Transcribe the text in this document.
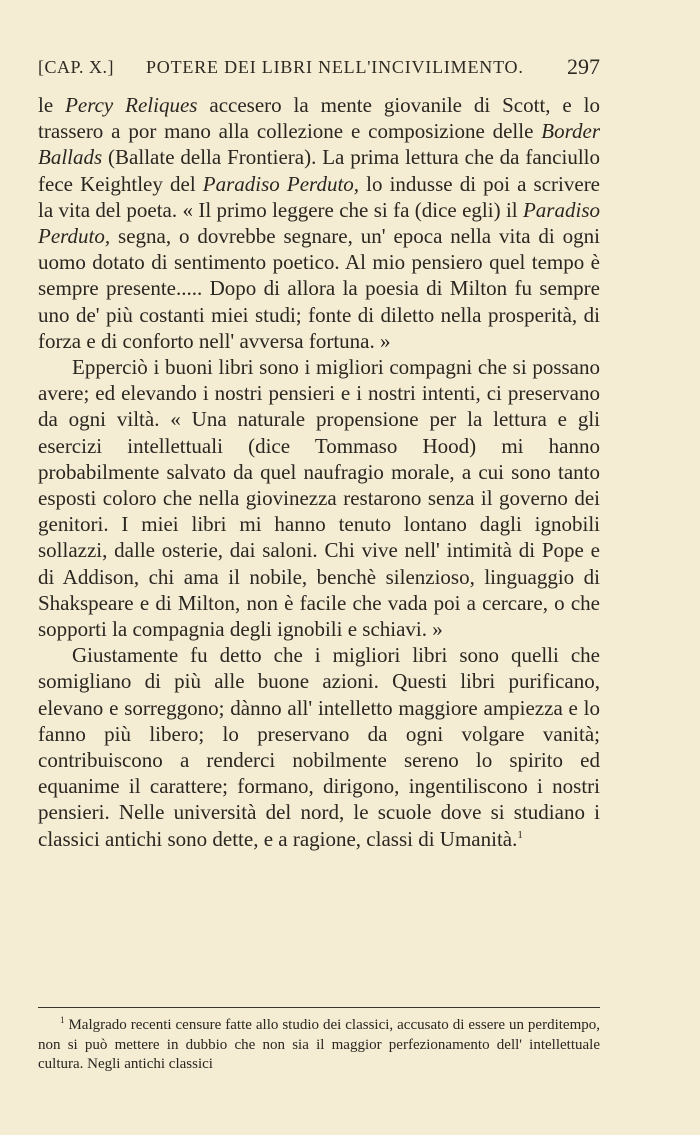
[CAP. X.] POTERE DEI LIBRI NELL'INCIVILIMENTO. 297

le Percy Reliques accesero la mente giovanile di Scott, e lo trassero a por mano alla collezione e composizione delle Border Ballads (Ballate della Frontiera). La prima lettura che da fanciullo fece Keightley del Paradiso Perduto, lo indusse di poi a scrivere la vita del poeta. « Il primo leggere che si fa (dice egli) il Paradiso Perduto, segna, o dovrebbe segnare, un' epoca nella vita di ogni uomo dotato di sentimento poetico. Al mio pensiero quel tempo è sempre presente..... Dopo di allora la poesia di Milton fu sempre uno de' più costanti miei studi; fonte di diletto nella prosperità, di forza e di conforto nell' avversa fortuna. »

Epperciò i buoni libri sono i migliori compagni che si possano avere; ed elevando i nostri pensieri e i nostri intenti, ci preservano da ogni viltà. « Una naturale propensione per la lettura e gli esercizi intellettuali (dice Tommaso Hood) mi hanno probabilmente salvato da quel naufragio morale, a cui sono tanto esposti coloro che nella giovinezza restarono senza il governo dei genitori. I miei libri mi hanno tenuto lontano dagli ignobili sollazzi, dalle osterie, dai saloni. Chi vive nell' intimità di Pope e di Addison, chi ama il nobile, benchè silenzioso, linguaggio di Shakspeare e di Milton, non è facile che vada poi a cercare, o che sopporti la compagnia degli ignobili e schiavi. »

Giustamente fu detto che i migliori libri sono quelli che somigliano di più alle buone azioni. Questi libri purificano, elevano e sorreggono; dànno all' intelletto maggiore ampiezza e lo fanno più libero; lo preservano da ogni volgare vanità; contribuiscono a renderci nobilmente sereno lo spirito ed equanime il carattere; formano, dirigono, ingentiliscono i nostri pensieri. Nelle università del nord, le scuole dove si studiano i classici antichi sono dette, e a ragione, classi di Umanità.$^1$

$^1$ Malgrado recenti censure fatte allo studio dei classici, accusato di essere un perditempo, non si può mettere in dubbio che non sia il maggior perfezionamento dell' intellettuale cultura. Negli antichi classici
